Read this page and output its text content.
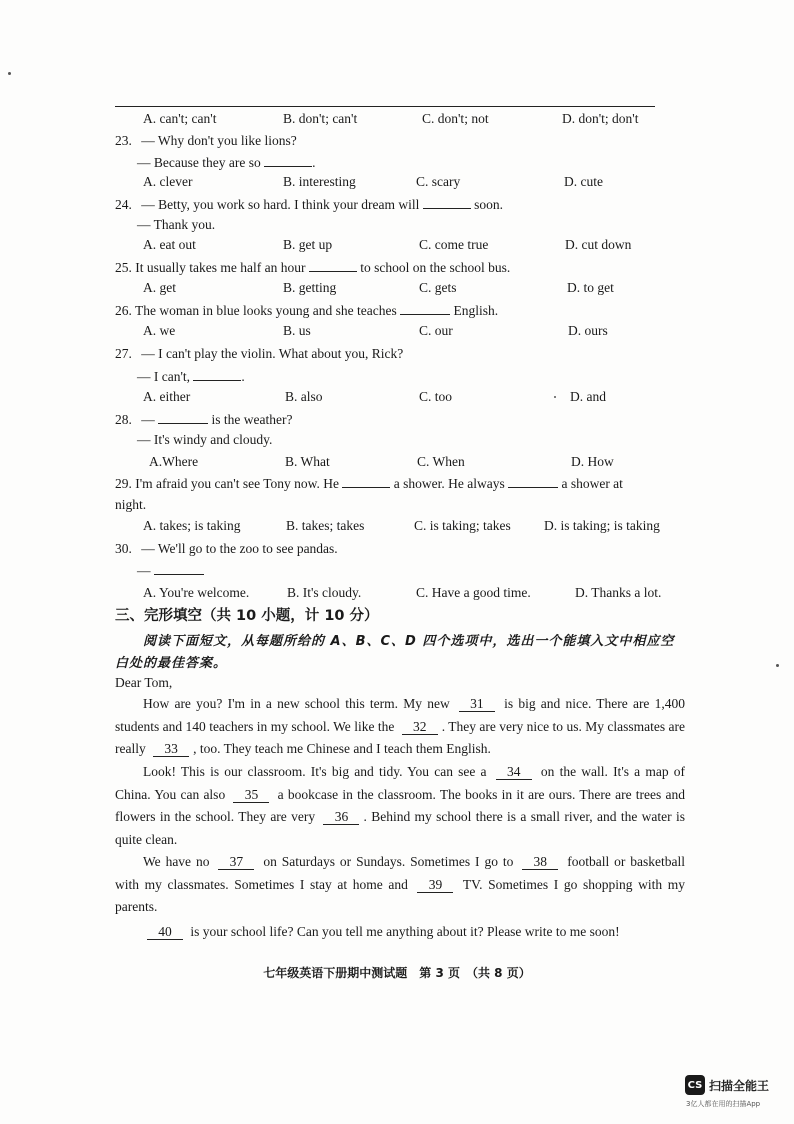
A. can't; can't	B. don't; can't	C. don't; not	D. don't; don't
23. — Why don't you like lions?
— Because they are so	.
A. clever	B. interesting	C. scary	D. cute
24. — Betty, you work so hard. I think your dream will	soon.
— Thank you.
A. eat out	B. get up	C. come true	D. cut down
25. It usually takes me half an hour	to school on the school bus.
A. get	B. getting	C. gets	D. to get
26. The woman in blue looks young and she teaches	English.
A. we	B. us	C. our	D. ours
27. — I can't play the violin. What about you, Rick?
— I can't,	.
A. either	B. also	C. too	D. and
28. —	is the weather?
— It's windy and cloudy.
A.Where	B. What	C. When	D. How
29. I'm afraid you can't see Tony now. He	a shower. He always	a shower at
night.
A. takes; is taking	B. takes; takes	C. is taking; takes D. is taking; is taking
30. — We'll go to the zoo to see pandas.
—
A. You're welcome.	B. It's cloudy.	C. Have a good time.	D. Thanks a lot.
三、完形填空（共 10 小题，计 10 分）
阅读下面短文，从每题所给的 A、B、C、D 四个选项中，选出一个能填入文中相应空
白处的最佳答案。
Dear Tom,
How are you? I'm in a new school this term. My new 31 is big and nice. There are 1,400 students and 140 teachers in my school. We like the 32 . They are very nice to us. My classmates are really 33 , too. They teach me Chinese and I teach them English.
Look! This is our classroom. It's big and tidy. You can see a 34 on the wall. It's a map of China. You can also 35 a bookcase in the classroom. The books in it are ours. There are trees and flowers in the school. They are very 36 . Behind my school there is a small river, and the water is quite clean.
We have no 37 on Saturdays or Sundays. Sometimes I go to 38 football or basketball with my classmates. Sometimes I stay at home and 39 TV. Sometimes I go shopping with my parents.
40 is your school life? Can you tell me anything about it? Please write to me soon!
七年级英语下册期中测试题　第 3 页　（共 8 页）
CS 扫描全能王
3亿人都在用的扫描App
